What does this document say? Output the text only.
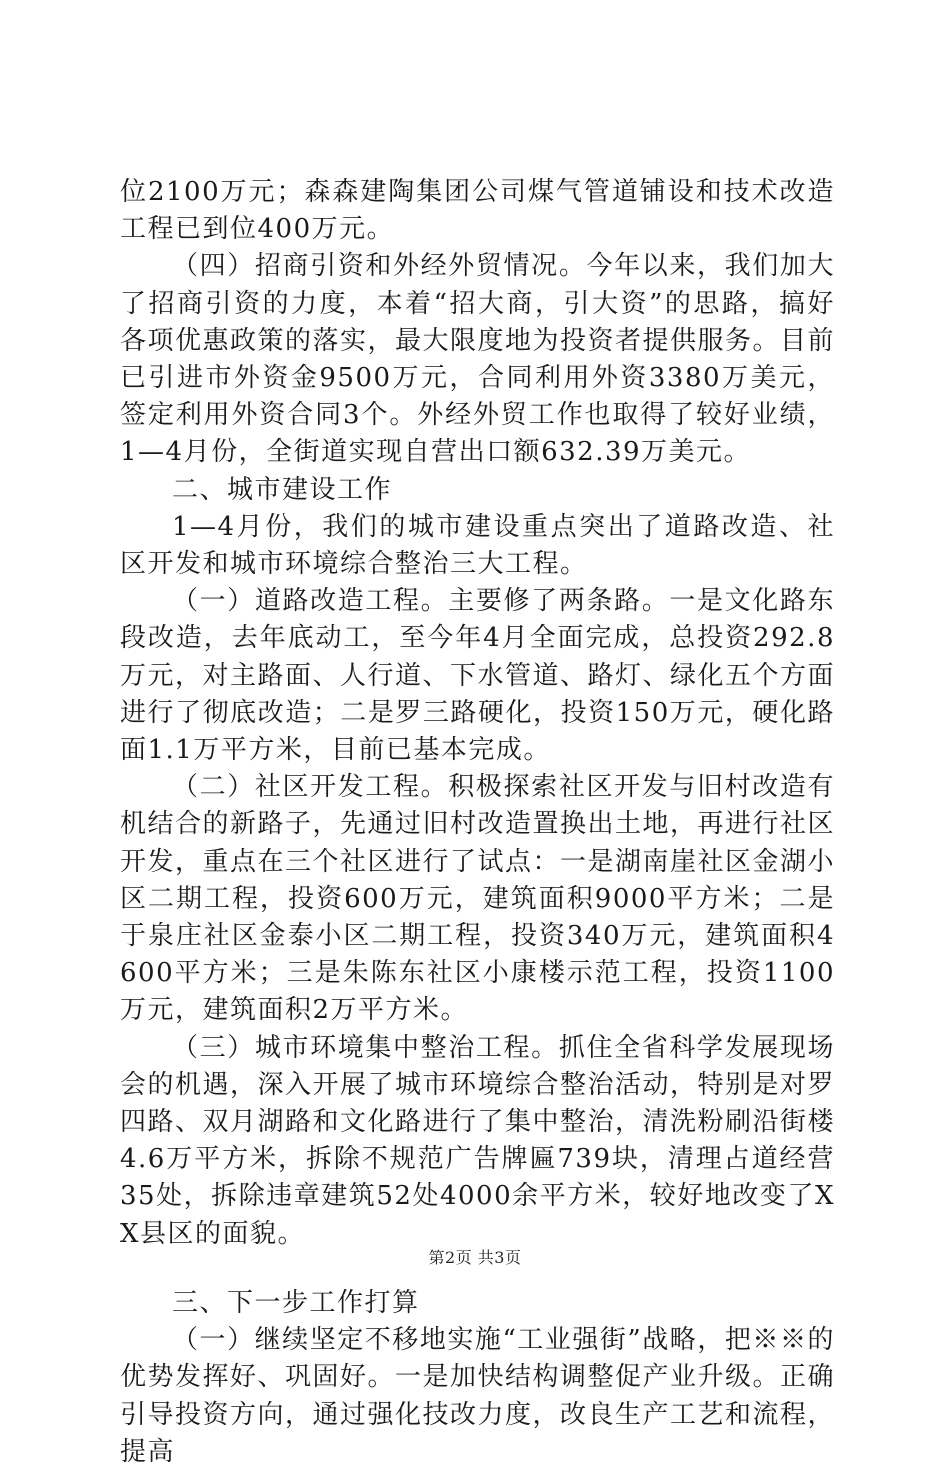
位2100万元；森森建陶集团公司煤气管道铺设和技术改造工程已到位400万元。

（四）招商引资和外经外贸情况。今年以来，我们加大了招商引资的力度，本着“招大商，引大资”的思路，搞好各项优惠政策的落实，最大限度地为投资者提供服务。目前已引进市外资金9500万元，合同利用外资3380万美元，签定利用外资合同3个。外经外贸工作也取得了较好业绩，1—4月份，全街道实现自营出口额632.39万美元。

二、城市建设工作

1—4月份，我们的城市建设重点突出了道路改造、社区开发和城市环境综合整治三大工程。

（一）道路改造工程。主要修了两条路。一是文化路东段改造，去年底动工，至今年4月全面完成，总投资292.8万元，对主路面、人行道、下水管道、路灯、绿化五个方面进行了彻底改造；二是罗三路硬化，投资150万元，硬化路面1.1万平方米，目前已基本完成。

（二）社区开发工程。积极探索社区开发与旧村改造有机结合的新路子，先通过旧村改造置换出土地，再进行社区开发，重点在三个社区进行了试点：一是湖南崖社区金湖小区二期工程，投资600万元，建筑面积9000平方米；二是于泉庄社区金泰小区二期工程，投资340万元，建筑面积4600平方米；三是朱陈东社区小康楼示范工程，投资1100万元，建筑面积2万平方米。

（三）城市环境集中整治工程。抓住全省科学发展现场会的机遇，深入开展了城市环境综合整治活动，特别是对罗四路、双月湖路和文化路进行了集中整治，清洗粉刷沿街楼4.6万平方米，拆除不规范广告牌匾739块，清理占道经营35处，拆除违章建筑52处4000余平方米，较好地改变了XX县区的面貌。

三、下一步工作打算

（一）继续坚定不移地实施“工业强街”战略，把※※的优势发挥好、巩固好。一是加快结构调整促产业升级。正确引导投资方向，通过强化技改力度，改良生产工艺和流程，提高

第2页 共3页
